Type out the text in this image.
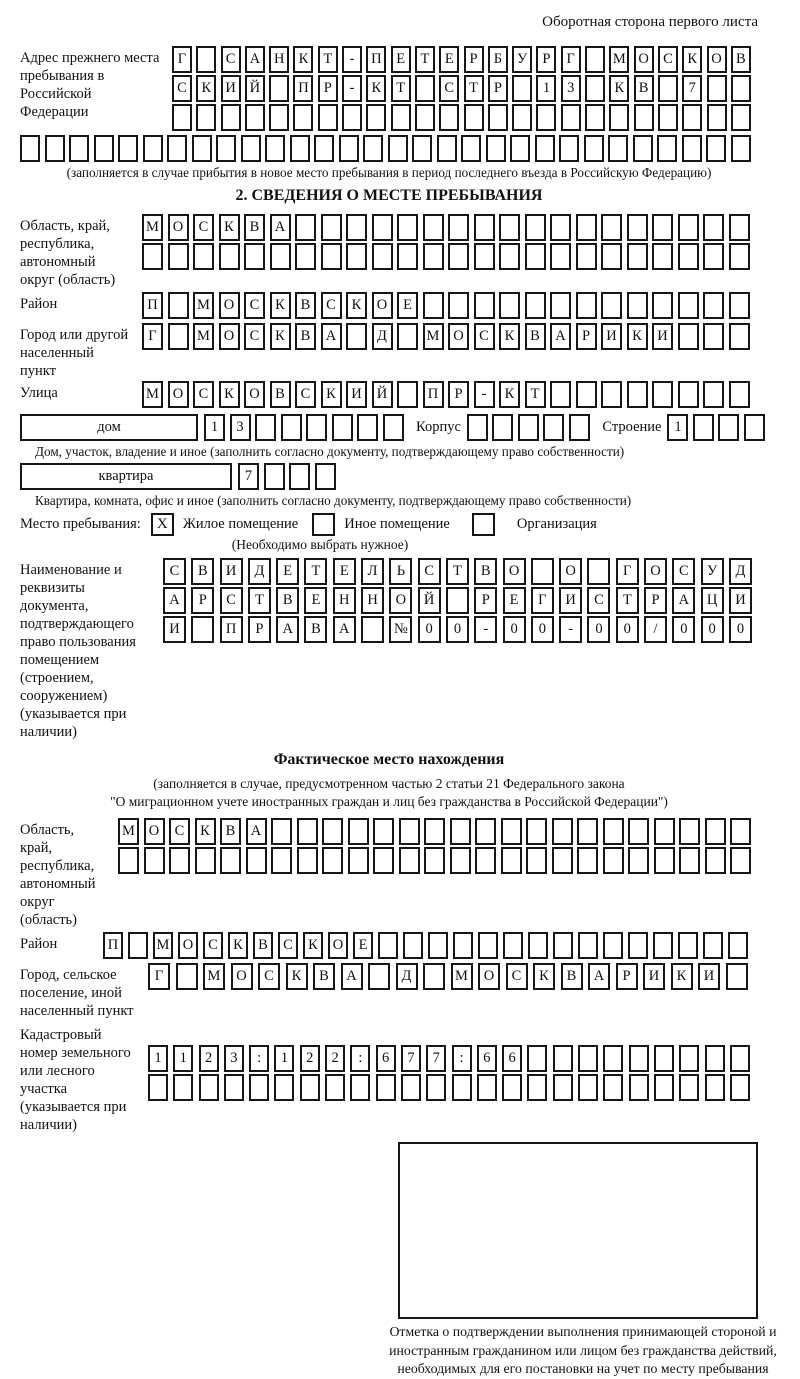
Оборотная сторона первого листа
Адрес прежнего места пребывания в Российской Федерации
Г	С А Н К	Т	-	П	Е	Т	Е	Р	Б	У	Р	Г	М О С	К О В
С	К И Й	П	Р	-	К	Т	С	Т	Р	1	3	К	В	7
(заполняется в случае прибытия в новое место пребывания в период последнего въезда в Российскую Федерацию)
2. СВЕДЕНИЯ О МЕСТЕ ПРЕБЫВАНИЯ
Область, край, республика, автономный округ (область)
М О	С	К	В	А
Район	П	М О	С	К	В	С	К	О	Е
Город или другой населенный пункт
Г	М О	С	К	В	А	Д	М О	С	К	В	А	Р	И	К	И
Улица	М О	С	К	О	В	С	К	И	Й	П	Р	-	К	Т
дом	1	3	Корпус	Строение 1
Дом, участок, владение и иное (заполнить согласно документу, подтверждающему право собственности)
квартира	7
Квартира, комната, офис и иное (заполнить согласно документу, подтверждающему право собственности)
Место пребывания:	X	Жилое помещение	Иное помещение	Организация
(Необходимо выбрать нужное)
Наименование и реквизиты документа, подтверждающего право пользования помещением (строением, сооружением) (указывается при наличии)
С	В	И	Д	Е	Т	Е	Л	Ь	С	Т	В	О	О	Г	О	С	У	Д
А	Р	С	Т	В	Е	Н	Н	О	Й	Р	Е	Г	И	С	Т	Р	А	Ц	И
И	П	Р	А	В	А	№	0	0	-	0	0	-	0	0	/	0	0	0
Фактическое место нахождения
(заполняется в случае, предусмотренном частью 2 статьи 21 Федерального закона
"О миграционном учете иностранных граждан и лиц без гражданства в Российской Федерации")
Область, край, республика, автономный округ (область)
М О	С	К	В	А
Район	П	М О	С	К	В	С	К	О	Е
Город, сельское поселение, иной населенный пункт
Г	М	О	С	К	В	А	Д	М	О	С	К	В	А	Р	И	К	И
Кадастровый номер земельного или лесного участка (указывается при наличии)
1	1	2	3	:	1	2	2	:	6	7	7	:	6	6
Отметка о подтверждении выполнения принимающей стороной и иностранным гражданином или лицом без гражданства действий, необходимых для его постановки на учет по месту пребывания
